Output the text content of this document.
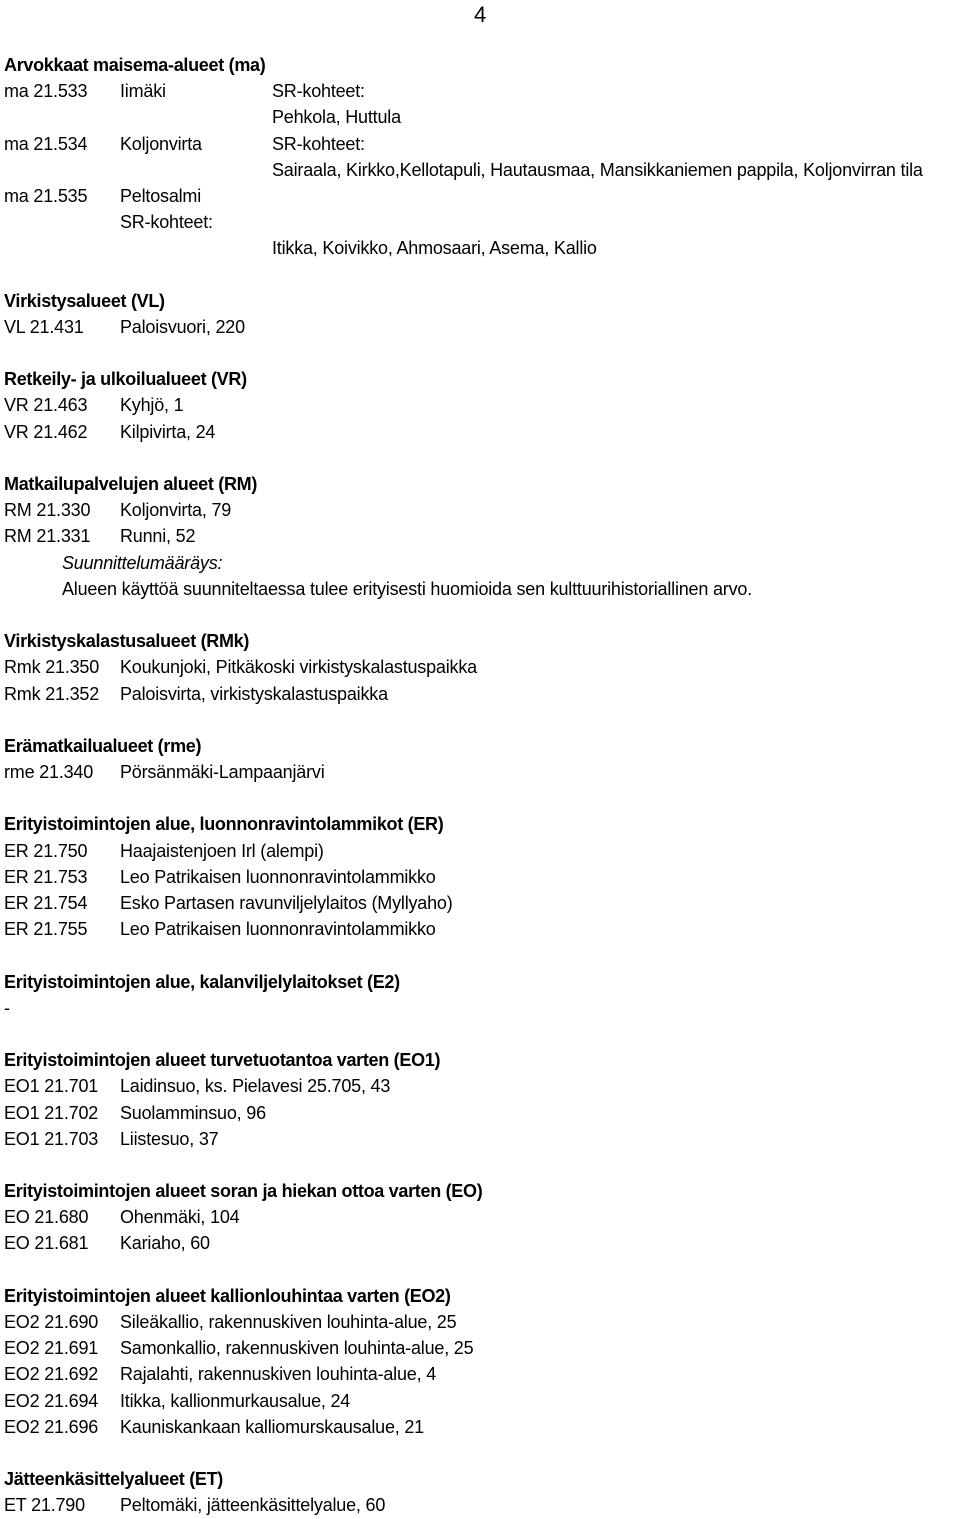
4
Arvokkaat maisema-alueet (ma)
ma 21.533 Iimäki	SR-kohteet:
Pehkola, Huttula
ma 21.534 Koljonvirta	SR-kohteet:
Sairaala, Kirkko,Kellotapuli, Hautausmaa, Mansikkaniemen pappila, Koljonvirran tila
ma 21.535 Peltosalmi
SR-kohteet:
Itikka, Koivikko, Ahmosaari, Asema, Kallio
Virkistysalueet (VL)
VL 21.431 Paloisvuori, 220
Retkeily- ja ulkoilualueet (VR)
VR 21.463 Kyhjö, 1
VR 21.462 Kilpivirta, 24
Matkailupalvelujen alueet (RM)
RM 21.330 Koljonvirta, 79
RM 21.331 Runni, 52
Suunnittelumääräys:
Alueen käyttöä suunniteltaessa tulee erityisesti huomioida sen kulttuurihistoriallinen arvo.
Virkistyskalastusalueet (RMk)
Rmk 21.350 Koukunjoki, Pitkäkoski virkistyskalastuspaikka
Rmk 21.352 Paloisvirta, virkistyskalastuspaikka
Erämatkailualueet (rme)
rme 21.340 Pörsänmäki-Lampaanjärvi
Erityistoimintojen alue, luonnonravintolammikot (ER)
ER 21.750 Haajaistenjoen Irl (alempi)
ER 21.753 Leo Patrikaisen luonnonravintolammikko
ER 21.754 Esko Partasen ravunviljelylaitos (Myllyaho)
ER 21.755 Leo Patrikaisen luonnonravintolammikko
Erityistoimintojen alue, kalanviljelylaitokset (E2)
-
Erityistoimintojen alueet turvetuotantoa varten (EO1)
EO1 21.701 Laidinsuo, ks. Pielavesi 25.705, 43
EO1 21.702 Suolamminsuo, 96
EO1 21.703 Liistesuo, 37
Erityistoimintojen alueet soran ja hiekan ottoa varten (EO)
EO 21.680 Ohenmäki, 104
EO 21.681 Kariaho, 60
Erityistoimintojen alueet kallionlouhintaa varten (EO2)
EO2 21.690 Sileäkallio, rakennuskiven louhinta-alue, 25
EO2 21.691 Samonkallio, rakennuskiven louhinta-alue, 25
EO2 21.692 Rajalahti, rakennuskiven louhinta-alue, 4
EO2 21.694 Itikka, kallionmurkausalue, 24
EO2 21.696 Kauniskankaan kalliomurskausalue, 21
Jätteenkäsittelyalueet (ET)
ET 21.790 Peltomäki, jätteenkäsittelyalue, 60
